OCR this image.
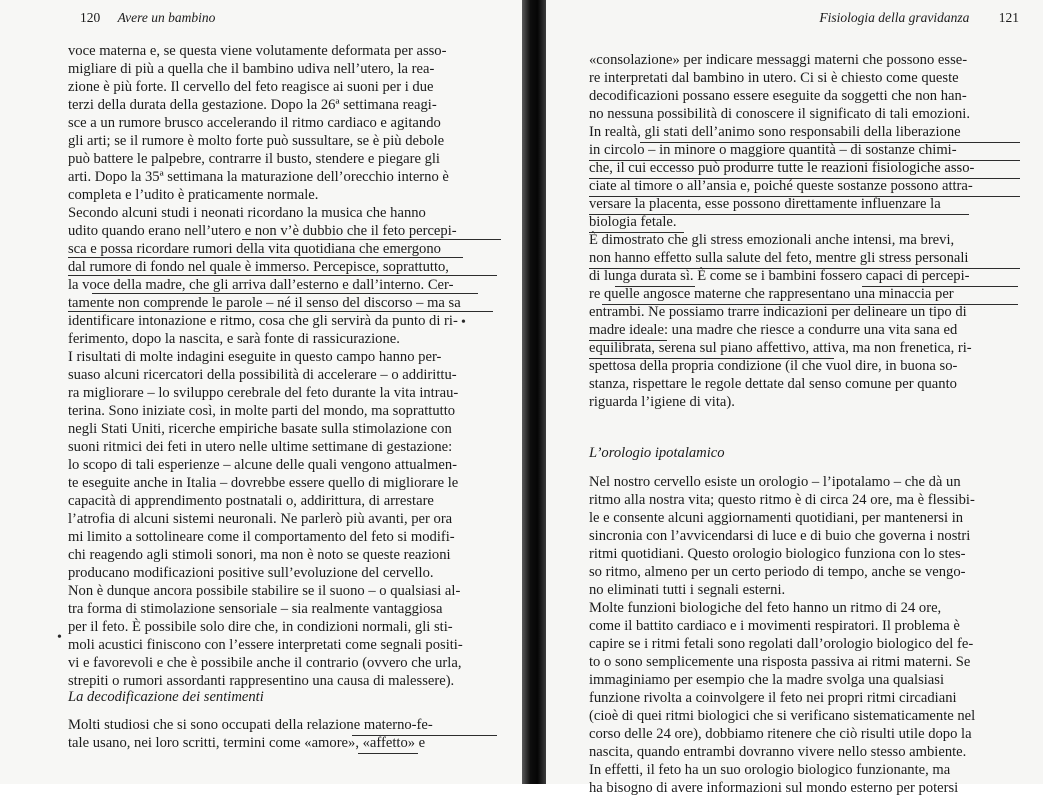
120 Avere un bambino	Fisiologia della gravidanza 121
voce materna e, se questa viene volutamente deformata per asso-
migliare di più a quella che il bambino udiva nell’utero, la rea-
zione è più forte. Il cervello del feto reagisce ai suoni per i due
terzi della durata della gestazione. Dopo la 26ª settimana reagi-
sce a un rumore brusco accelerando il ritmo cardiaco e agitando
gli arti; se il rumore è molto forte può sussultare, se è più debole
può battere le palpebre, contrarre il busto, stendere e piegare gli
arti. Dopo la 35ª settimana la maturazione dell’orecchio interno è
completa e l’udito è praticamente normale.
Secondo alcuni studi i neonati ricordano la musica che hanno
udito quando erano nell’utero e non v’è dubbio che il feto percepi-
sca e possa ricordare rumori della vita quotidiana che emergono
dal rumore di fondo nel quale è immerso. Percepisce, soprattutto,
la voce della madre, che gli arriva dall’esterno e dall’interno. Cer-
tamente non comprende le parole – né il senso del discorso – ma sa
identificare intonazione e ritmo, cosa che gli servirà da punto di ri-
ferimento, dopo la nascita, e sarà fonte di rassicurazione.
I risultati di molte indagini eseguite in questo campo hanno per-
suaso alcuni ricercatori della possibilità di accelerare – o addirittu-
ra migliorare – lo sviluppo cerebrale del feto durante la vita intrau-
terina. Sono iniziate così, in molte parti del mondo, ma soprattutto
negli Stati Uniti, ricerche empiriche basate sulla stimolazione con
suoni ritmici dei feti in utero nelle ultime settimane di gestazione:
lo scopo di tali esperienze – alcune delle quali vengono attualmen-
te eseguite anche in Italia – dovrebbe essere quello di migliorare le
capacità di apprendimento postnatali o, addirittura, di arrestare
l’atrofia di alcuni sistemi neuronali. Ne parlerò più avanti, per ora
mi limito a sottolineare come il comportamento del feto si modifi-
chi reagendo agli stimoli sonori, ma non è noto se queste reazioni
producano modificazioni positive sull’evoluzione del cervello.
Non è dunque ancora possibile stabilire se il suono – o qualsiasi al-
tra forma di stimolazione sensoriale – sia realmente vantaggiosa
per il feto. È possibile solo dire che, in condizioni normali, gli sti-
moli acustici finiscono con l’essere interpretati come segnali positi-
vi e favorevoli e che è possibile anche il contrario (ovvero che urla,
strepiti o rumori assordanti rappresentino una causa di malessere).
La decodificazione dei sentimenti
Molti studiosi che si sono occupati della relazione materno-fe-
tale usano, nei loro scritti, termini come «amore», «affetto» e
«consolazione» per indicare messaggi materni che possono esse-
re interpretati dal bambino in utero. Ci si è chiesto come queste
decodificazioni possano essere eseguite da soggetti che non han-
no nessuna possibilità di conoscere il significato di tali emozioni.
In realtà, gli stati dell’animo sono responsabili della liberazione
in circolo – in minore o maggiore quantità – di sostanze chimi-
che, il cui eccesso può produrre tutte le reazioni fisiologiche asso-
ciate al timore o all’ansia e, poiché queste sostanze possono attra-
versare la placenta, esse possono direttamente influenzare la
biologia fetale.
È dimostrato che gli stress emozionali anche intensi, ma brevi,
non hanno effetto sulla salute del feto, mentre gli stress personali
di lunga durata sì. È come se i bambini fossero capaci di percepi-
re quelle angosce materne che rappresentano una minaccia per
entrambi. Ne possiamo trarre indicazioni per delineare un tipo di
madre ideale: una madre che riesce a condurre una vita sana ed
equilibrata, serena sul piano affettivo, attiva, ma non frenetica, ri-
spettosa della propria condizione (il che vuol dire, in buona so-
stanza, rispettare le regole dettate dal senso comune per quanto
riguarda l’igiene di vita).
L’orologio ipotalamico
Nel nostro cervello esiste un orologio – l’ipotalamo – che dà un
ritmo alla nostra vita; questo ritmo è di circa 24 ore, ma è flessibi-
le e consente alcuni aggiornamenti quotidiani, per mantenersi in
sincronia con l’avvicendarsi di luce e di buio che governa i nostri
ritmi quotidiani. Questo orologio biologico funziona con lo stes-
so ritmo, almeno per un certo periodo di tempo, anche se vengo-
no eliminati tutti i segnali esterni.
Molte funzioni biologiche del feto hanno un ritmo di 24 ore,
come il battito cardiaco e i movimenti respiratori. Il problema è
capire se i ritmi fetali sono regolati dall’orologio biologico del fe-
to o sono semplicemente una risposta passiva ai ritmi materni. Se
immaginiamo per esempio che la madre svolga una qualsiasi
funzione rivolta a coinvolgere il feto nei propri ritmi circadiani
(cioè di quei ritmi biologici che si verificano sistematicamente nel
corso delle 24 ore), dobbiamo ritenere che ciò risulti utile dopo la
nascita, quando entrambi dovranno vivere nello stesso ambiente.
In effetti, il feto ha un suo orologio biologico funzionante, ma
ha bisogno di avere informazioni sul mondo esterno per potersi
•
•
